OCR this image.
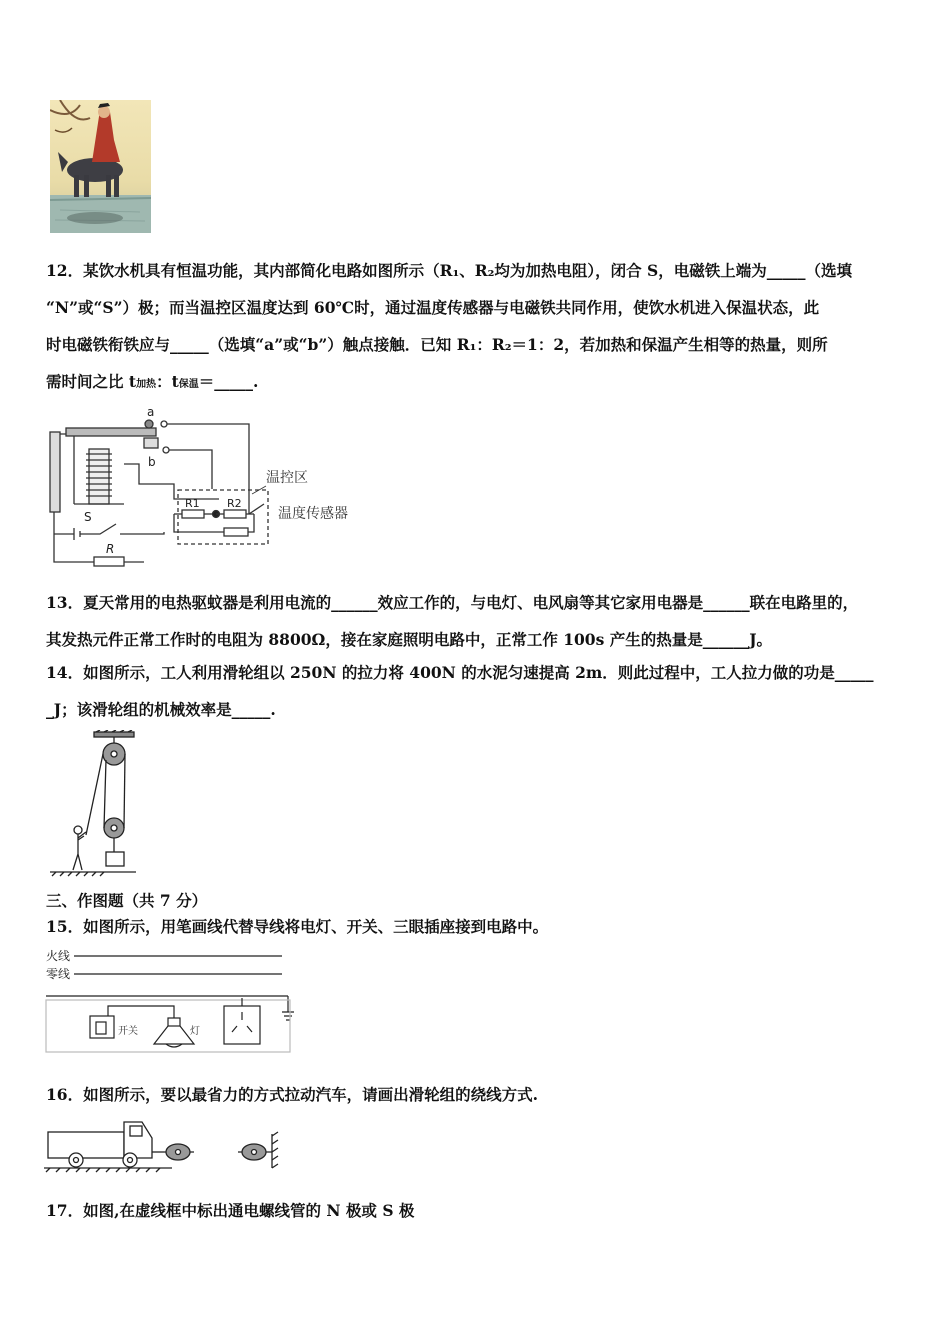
12．某饮水机具有恒温功能，其内部简化电路如图所示（R₁、R₂均为加热电阻），闭合 S，电磁铁上端为_____（选填

“N”或“S”）极；而当温控区温度达到 60℃时，通过温度传感器与电磁铁共同作用，使饮水机进入保温状态，此

时电磁铁衔铁应与_____（选填“a”或“b”）触点接触．已知 R₁：R₂＝1：2，若加热和保温产生相等的热量，则所

需时间之比 t加热：t保温＝_____.

a
b
R1 R2
温控区
温度传感器
R
S

13．夏天常用的电热驱蚊器是利用电流的______效应工作的，与电灯、电风扇等其它家用电器是______联在电路里的，

其发热元件正常工作时的电阻为 8800Ω，接在家庭照明电路中，正常工作 100s 产生的热量是______J。

14．如图所示，工人利用滑轮组以 250N 的拉力将 400N 的水泥匀速提高 2m．则此过程中，工人拉力做的功是_____

_J；该滑轮组的机械效率是_____.

三、作图题（共 7 分）

15．如图所示，用笔画线代替导线将电灯、开关、三眼插座接到电路中。

火线
零线
开关	灯

16．如图所示，要以最省力的方式拉动汽车，请画出滑轮组的绕线方式.

17．如图,在虚线框中标出通电螺线管的 N 极或 S 极
